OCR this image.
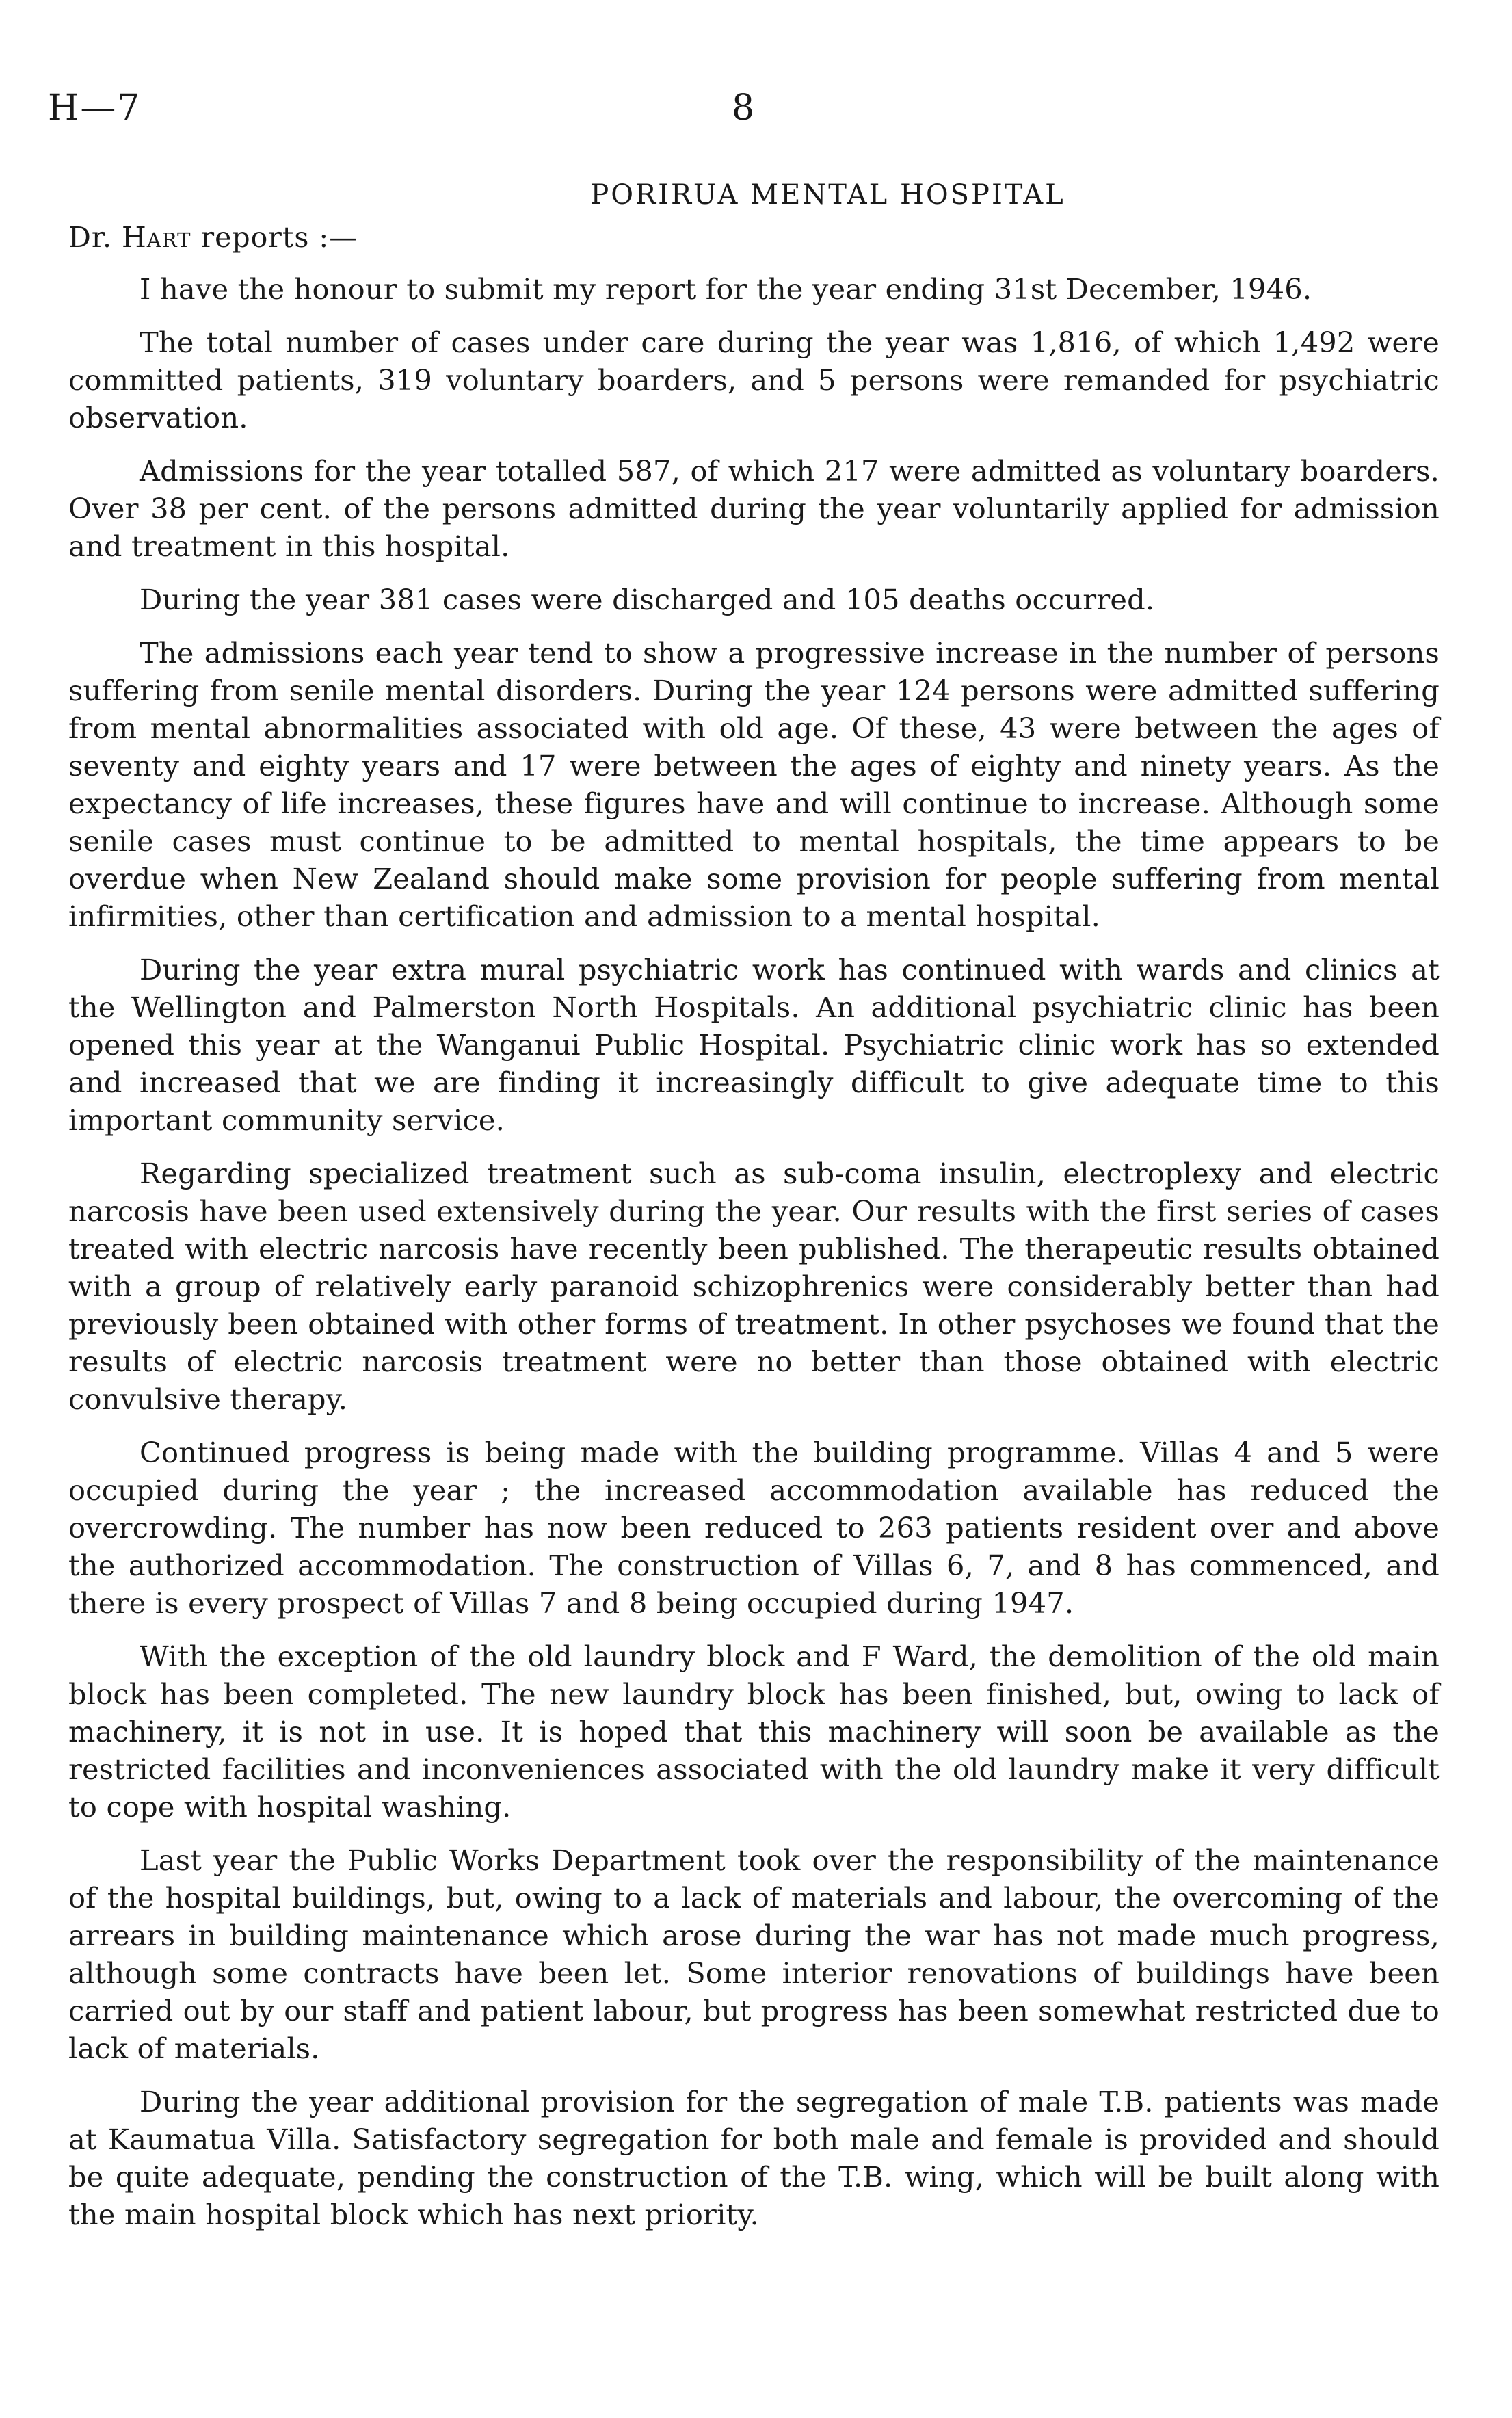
H—7	8
PORIRUA MENTAL HOSPITAL
Dr. Hart reports :—

I have the honour to submit my report for the year ending 31st December, 1946.

The total number of cases under care during the year was 1,816, of which 1,492 were committed patients, 319 voluntary boarders, and 5 persons were remanded for psychiatric observation.

Admissions for the year totalled 587, of which 217 were admitted as voluntary boarders. Over 38 per cent. of the persons admitted during the year voluntarily applied for admission and treatment in this hospital.

During the year 381 cases were discharged and 105 deaths occurred.

The admissions each year tend to show a progressive increase in the number of persons suffering from senile mental disorders. During the year 124 persons were admitted suffering from mental abnormalities associated with old age. Of these, 43 were between the ages of seventy and eighty years and 17 were between the ages of eighty and ninety years. As the expectancy of life increases, these figures have and will continue to increase. Although some senile cases must continue to be admitted to mental hospitals, the time appears to be overdue when New Zealand should make some provision for people suffering from mental infirmities, other than certification and admission to a mental hospital.

During the year extra mural psychiatric work has continued with wards and clinics at the Wellington and Palmerston North Hospitals. An additional psychiatric clinic has been opened this year at the Wanganui Public Hospital. Psychiatric clinic work has so extended and increased that we are finding it increasingly difficult to give adequate time to this important community service.

Regarding specialized treatment such as sub-coma insulin, electroplexy and electric narcosis have been used extensively during the year. Our results with the first series of cases treated with electric narcosis have recently been published. The therapeutic results obtained with a group of relatively early paranoid schizophrenics were considerably better than had previously been obtained with other forms of treatment. In other psychoses we found that the results of electric narcosis treatment were no better than those obtained with electric convulsive therapy.

Continued progress is being made with the building programme. Villas 4 and 5 were occupied during the year ; the increased accommodation available has reduced the overcrowding. The number has now been reduced to 263 patients resident over and above the authorized accommodation. The construction of Villas 6, 7, and 8 has commenced, and there is every prospect of Villas 7 and 8 being occupied during 1947.

With the exception of the old laundry block and F Ward, the demolition of the old main block has been completed. The new laundry block has been finished, but, owing to lack of machinery, it is not in use. It is hoped that this machinery will soon be available as the restricted facilities and inconveniences associated with the old laundry make it very difficult to cope with hospital washing.

Last year the Public Works Department took over the responsibility of the maintenance of the hospital buildings, but, owing to a lack of materials and labour, the overcoming of the arrears in building maintenance which arose during the war has not made much progress, although some contracts have been let. Some interior renovations of buildings have been carried out by our staff and patient labour, but progress has been somewhat restricted due to lack of materials.

During the year additional provision for the segregation of male T.B. patients was made at Kaumatua Villa. Satisfactory segregation for both male and female is provided and should be quite adequate, pending the construction of the T.B. wing, which will be built along with the main hospital block which has next priority.
